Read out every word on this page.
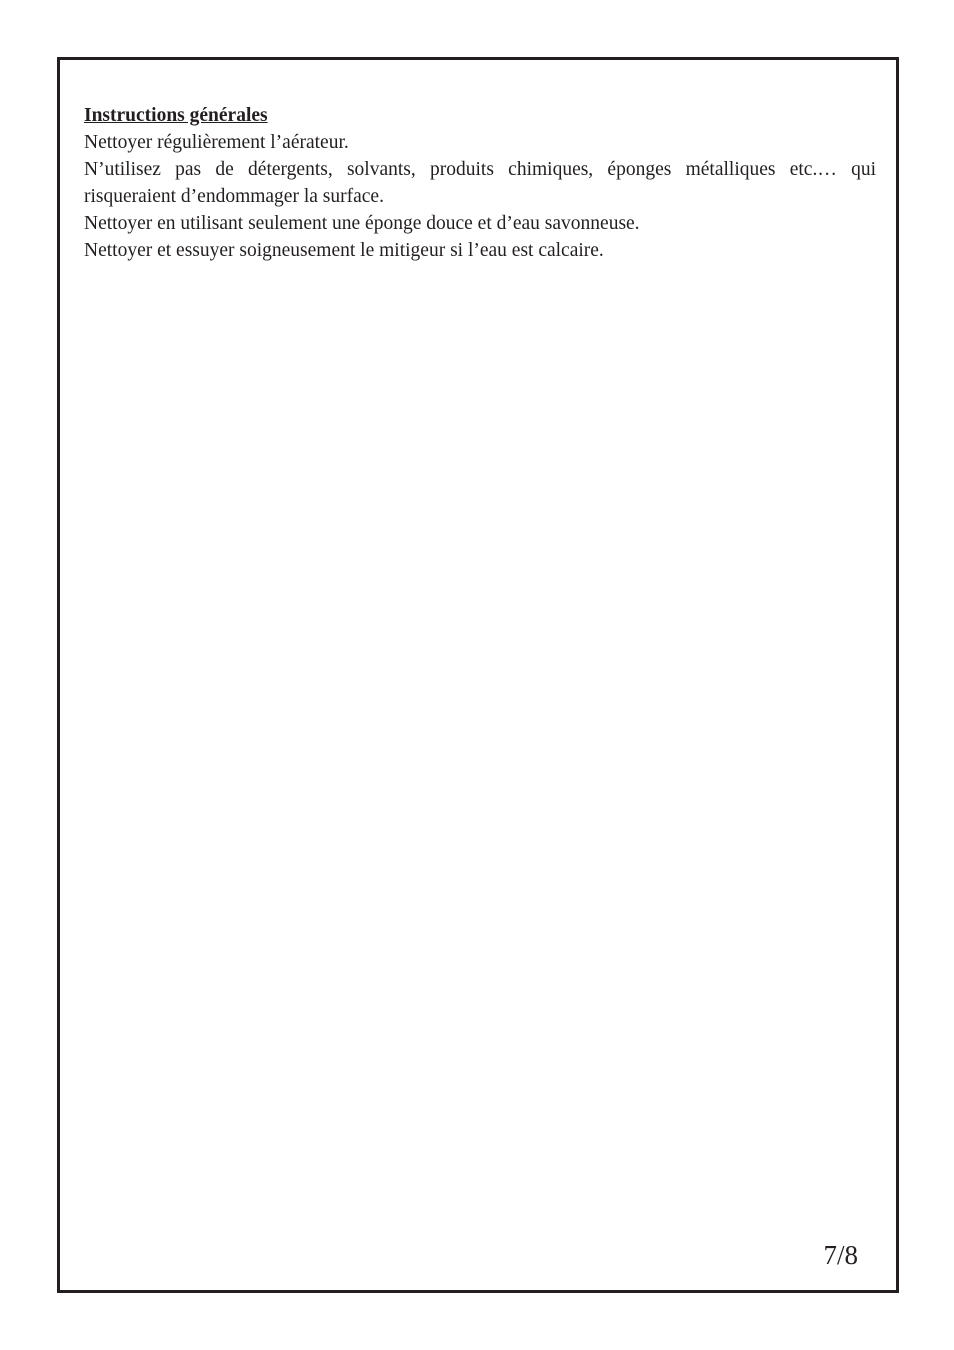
Instructions générales

Nettoyer régulièrement l’aérateur.

N’utilisez pas de détergents, solvants, produits chimiques, éponges métalliques etc.… qui risqueraient d’endommager la surface.

Nettoyer en utilisant seulement une éponge douce et d’eau savonneuse.

Nettoyer et essuyer soigneusement le mitigeur si l’eau est calcaire.

7/8
